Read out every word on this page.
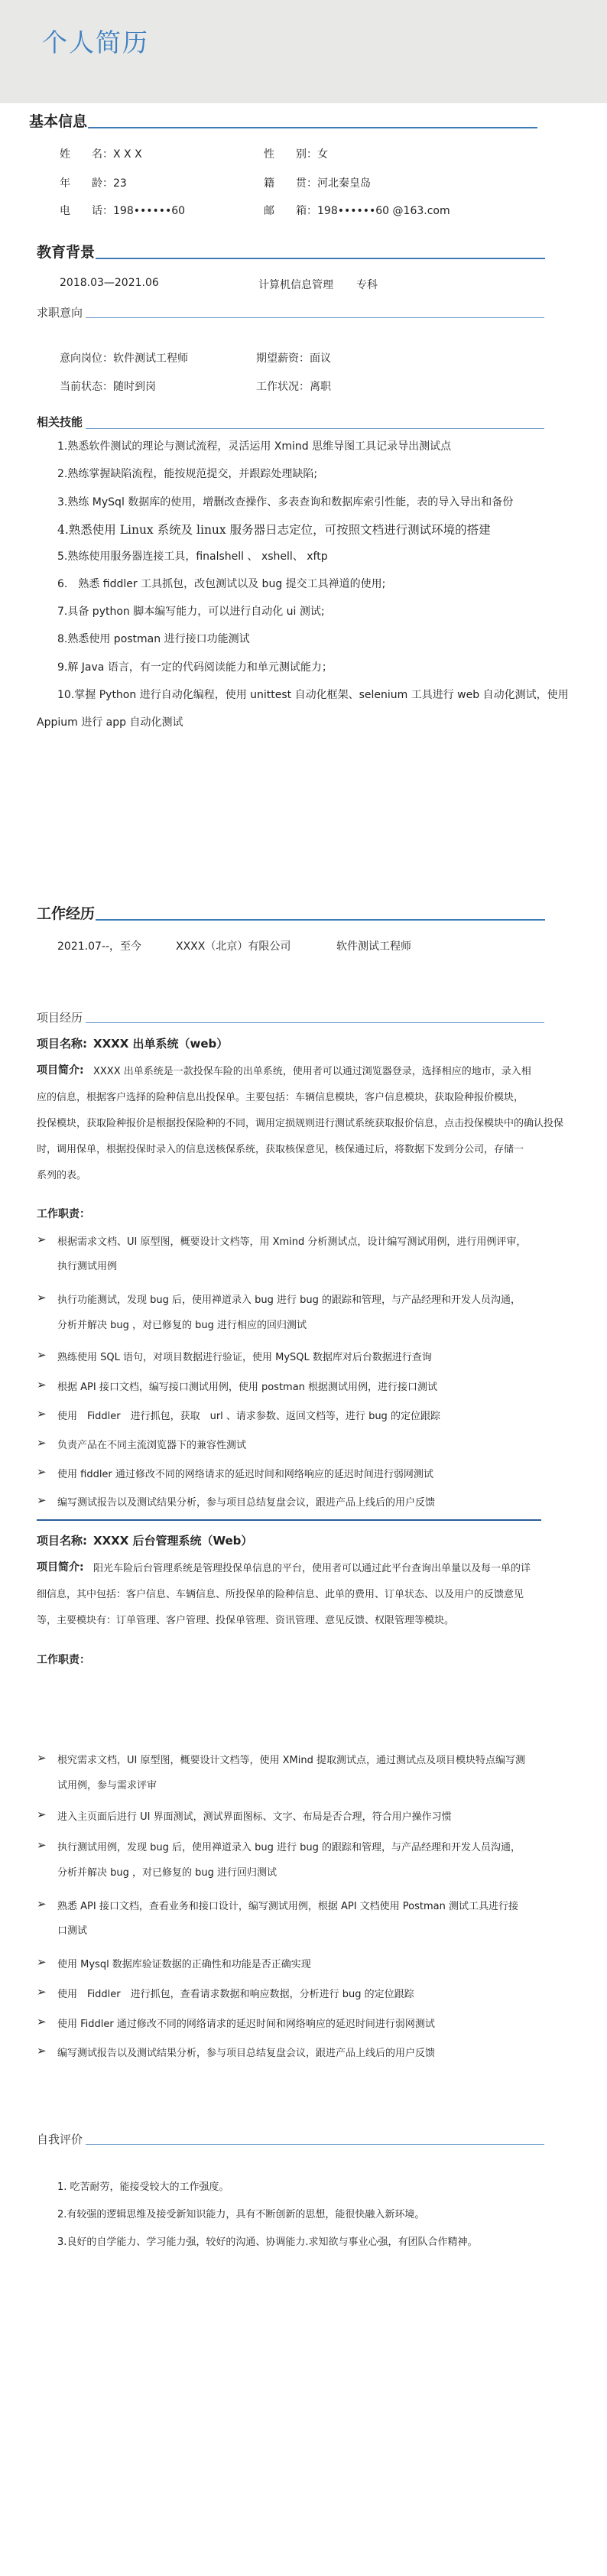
个人简历
基本信息
姓　　名：X X X	性　　别：女
年　　龄：23	籍　　贯：河北秦皇岛
电　　话：198••••••60	邮　　箱：198••••••60 @163.com
教育背景
2018.03—2021.06	计算机信息管理 专科
求职意向
意向岗位：软件测试工程师	期望薪资：面议
当前状态：随时到岗	工作状况：离职
相关技能
1.熟悉软件测试的理论与测试流程，灵活运用 Xmind 思维导图工具记录导出测试点
2.熟练掌握缺陷流程，能按规范提交，并跟踪处理缺陷;
3.熟练 MySql 数据库的使用，增删改查操作、多表查询和数据库索引性能，表的导入导出和备份
4.熟悉使用 Linux 系统及 linux 服务器日志定位，可按照文档进行测试环境的搭建
5.熟练使用服务器连接工具，finalshell 、 xshell、 xftp
6.　熟悉 fiddler 工具抓包，改包测试以及 bug 提交工具禅道的使用;
7.具备 python 脚本编写能力，可以进行自动化 ui 测试;
8.熟悉使用 postman 进行接口功能测试
9.解 Java 语言，有一定的代码阅读能力和单元测试能力；
10.掌握 Python 进行自动化编程，使用 unittest 自动化框架、selenium 工具进行 web 自动化测试，使用
Appium 进行 app 自动化测试
工作经历
2021.07--，至今	XXXX（北京）有限公司	软件测试工程师
项目经历
项目名称: XXXX 出单系统（web）
项目简介: XXXX 出单系统是一款投保车险的出单系统，使用者可以通过浏览器登录，选择相应的地市，录入相
应的信息，根据客户选择的险种信息出投保单。主要包括：车辆信息模块，客户信息模块，获取险种报价模块，
投保模块，获取险种报价是根据投保险种的不同，调用定损规则进行测试系统获取报价信息，点击投保模块中的确认投保
时，调用保单，根据投保时录入的信息送核保系统，获取核保意见，核保通过后，将数据下发到分公司，存储一
系列的表。
工作职责：
➢ 根据需求文档、UI 原型图，概要设计文档等，用 Xmind 分析测试点，设计编写测试用例，进行用例评审，
执行测试用例
➢ 执行功能测试，发现 bug 后，使用禅道录入 bug 进行 bug 的跟踪和管理，与产品经理和开发人员沟通，
分析并解决 bug ，对已修复的 bug 进行相应的回归测试
➢ 熟练使用 SQL 语句，对项目数据进行验证，使用 MySQL 数据库对后台数据进行查询
➢ 根据 API 接口文档，编写接口测试用例，使用 postman 根据测试用例，进行接口测试
➢ 使用　Fiddler　进行抓包，获取　url 、请求参数、返回文档等，进行 bug 的定位跟踪
➢ 负责产品在不同主流浏览器下的兼容性测试
➢ 使用 fiddler 通过修改不同的网络请求的延迟时间和网络响应的延迟时间进行弱网测试
➢ 编写测试报告以及测试结果分析，参与项目总结复盘会议，跟进产品上线后的用户反馈
项目名称: XXXX 后台管理系统（Web）
项目简介: 阳光车险后台管理系统是管理投保单信息的平台，使用者可以通过此平台查询出单量以及每一单的详
细信息，其中包括：客户信息、车辆信息、所投保单的险种信息、此单的费用、订单状态、以及用户的反馈意见
等，主要模块有：订单管理、客户管理、投保单管理、资讯管理、意见反馈、权限管理等模块。
工作职责：
➢ 根究需求文档，UI 原型图，概要设计文档等，使用 XMind 提取测试点，通过测试点及项目模块特点编写测
试用例，参与需求评审
➢ 进入主页面后进行 UI 界面测试，测试界面图标、文字、布局是否合理，符合用户操作习惯
➢ 执行测试用例，发现 bug 后，使用禅道录入 bug 进行 bug 的跟踪和管理，与产品经理和开发人员沟通，
分析并解决 bug ，对已修复的 bug 进行回归测试
➢ 熟悉 API 接口文档，查看业务和接口设计，编写测试用例，根据 API 文档使用 Postman 测试工具进行接
口测试
➢ 使用 Mysql 数据库验证数据的正确性和功能是否正确实现
➢ 使用　Fiddler　进行抓包，查看请求数据和响应数据，分析进行 bug 的定位跟踪
➢ 使用 Fiddler 通过修改不同的网络请求的延迟时间和网络响应的延迟时间进行弱网测试
➢ 编写测试报告以及测试结果分析，参与项目总结复盘会议，跟进产品上线后的用户反馈
自我评价
1. 吃苦耐劳，能接受较大的工作强度。
2.有较强的逻辑思维及接受新知识能力，具有不断创新的思想，能很快融入新环境。
3.良好的自学能力、学习能力强，较好的沟通、协调能力.求知欲与事业心强，有团队合作精神。
